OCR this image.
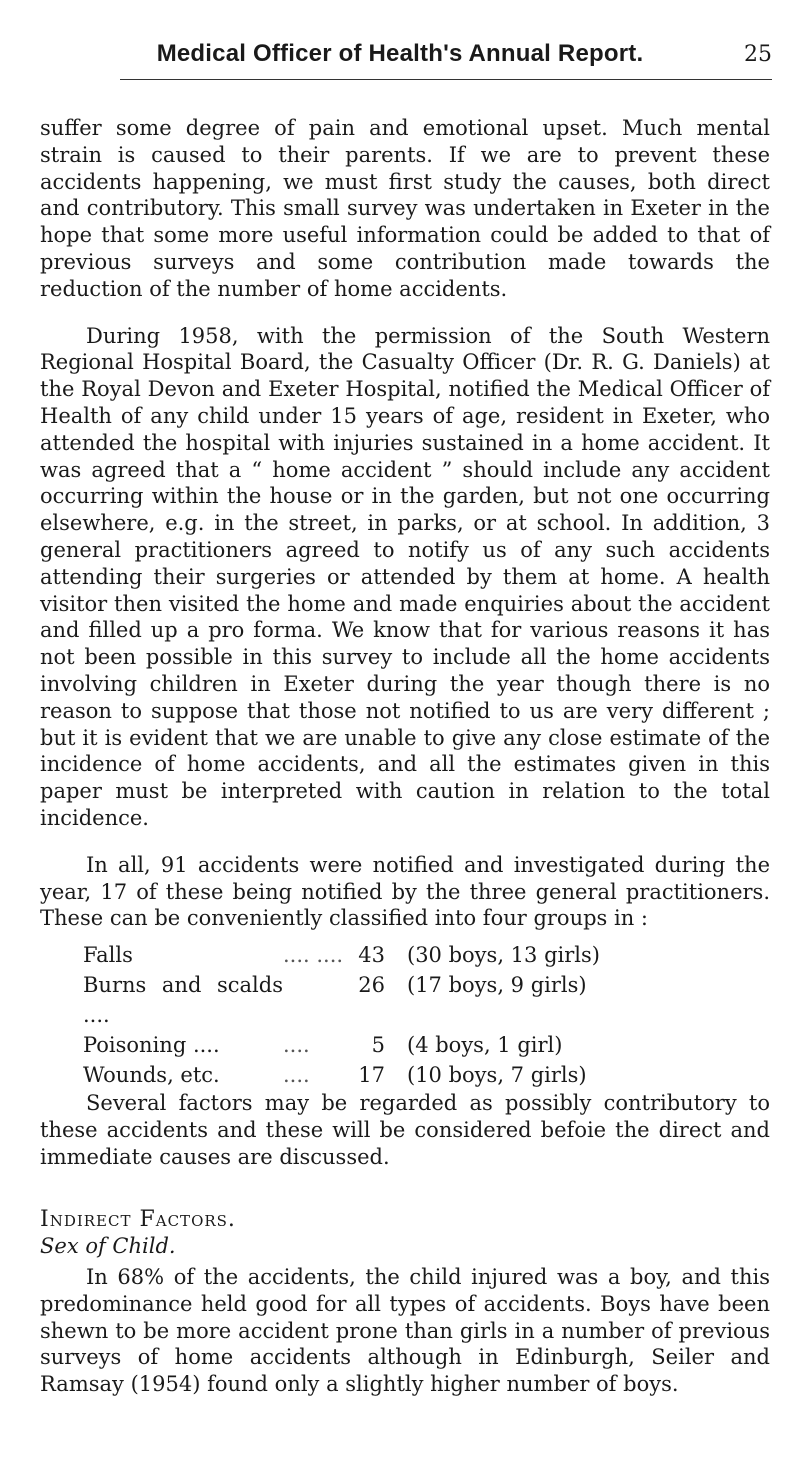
Medical Officer of Health's Annual Report.	25

suffer some degree of pain and emotional upset. Much mental strain is caused to their parents. If we are to prevent these accidents happening, we must first study the causes, both direct and contributory. This small survey was undertaken in Exeter in the hope that some more useful information could be added to that of previous surveys and some contribution made towards the reduction of the number of home accidents.

During 1958, with the permission of the South Western Regional Hospital Board, the Casualty Officer (Dr. R. G. Daniels) at the Royal Devon and Exeter Hospital, notified the Medical Officer of Health of any child under 15 years of age, resident in Exeter, who attended the hospital with injuries sustained in a home accident. It was agreed that a “ home accident ” should include any accident occurring within the house or in the garden, but not one occurring elsewhere, e.g. in the street, in parks, or at school. In addition, 3 general practitioners agreed to notify us of any such accidents attending their surgeries or attended by them at home. A health visitor then visited the home and made enquiries about the accident and filled up a pro forma. We know that for various reasons it has not been possible in this survey to include all the home accidents involving children in Exeter during the year though there is no reason to suppose that those not notified to us are very different ; but it is evident that we are unable to give any close estimate of the incidence of home accidents, and all the estimates given in this paper must be interpreted with caution in relation to the total incidence.

In all, 91 accidents were notified and investigated during the year, 17 of these being notified by the three general practitioners. These can be conveniently classified into four groups in :

Falls	.... ....	43	(30 boys, 13 girls)
Burns and scalds ....		26	(17 boys, 9 girls)
Poisoning ....	....	5	(4 boys, 1 girl)
Wounds, etc.	....	17	(10 boys, 7 girls)

Several factors may be regarded as possibly contributory to these accidents and these will be considered befoie the direct and immediate causes are discussed.

Indirect Factors.

Sex of Child.

In 68% of the accidents, the child injured was a boy, and this predominance held good for all types of accidents. Boys have been shewn to be more accident prone than girls in a number of previous surveys of home accidents although in Edinburgh, Seiler and Ramsay (1954) found only a slightly higher number of boys.
